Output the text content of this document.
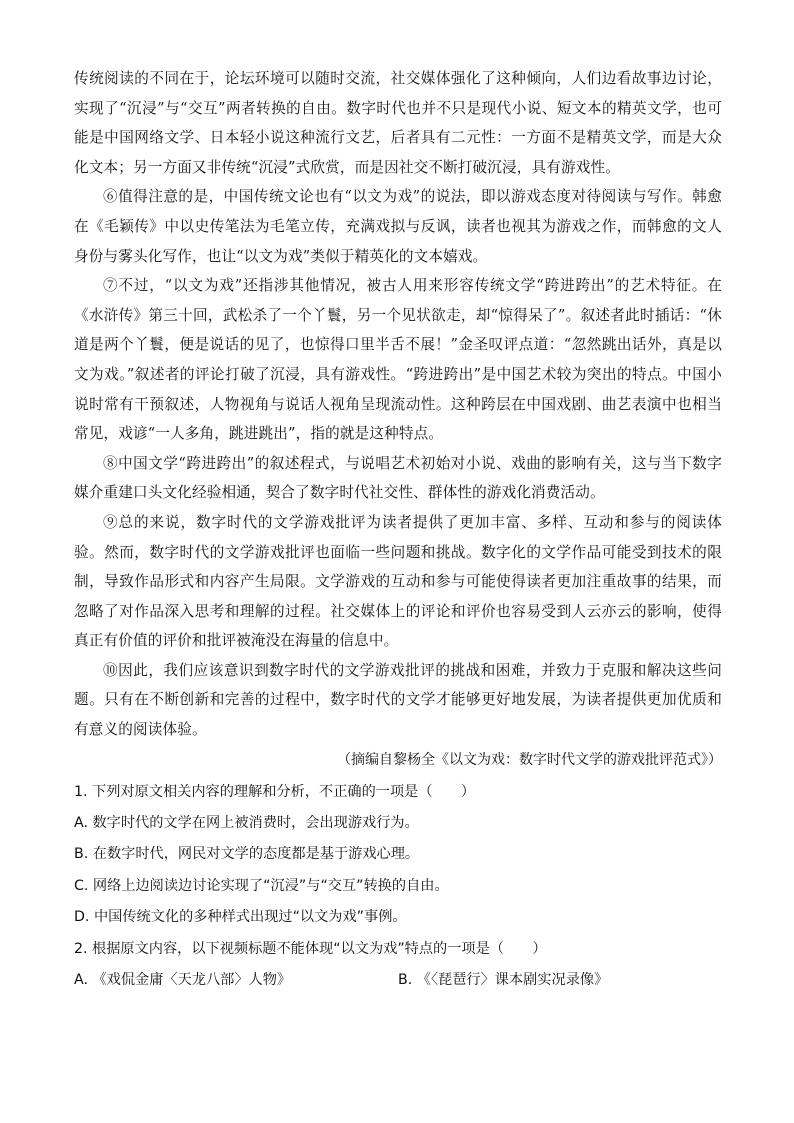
传统阅读的不同在于，论坛环境可以随时交流，社交媒体强化了这种倾向，人们边看故事边讨论，实现了“沉浸”与“交互”两者转换的自由。数字时代也并不只是现代小说、短文本的精英文学，也可能是中国网络文学、日本轻小说这种流行文艺，后者具有二元性：一方面不是精英文学，而是大众化文本；另一方面又非传统“沉浸”式欣赏，而是因社交不断打破沉浸，具有游戏性。

⑥值得注意的是，中国传统文论也有“以文为戏”的说法，即以游戏态度对待阅读与写作。韩愈在《毛颖传》中以史传笔法为毛笔立传，充满戏拟与反讽，读者也视其为游戏之作，而韩愈的文人身份与雾头化写作，也让“以文为戏”类似于精英化的文本嬉戏。

⑦不过，“以文为戏”还指涉其他情况，被古人用来形容传统文学“跨进跨出”的艺术特征。在《水浒传》第三十回，武松杀了一个丫鬟，另一个见状欲走，却“惊得呆了”。叙述者此时插话：“休道是两个丫鬟，便是说话的见了，也惊得口里半舌不展！”金圣叹评点道：“忽然跳出话外，真是以文为戏。”叙述者的评论打破了沉浸，具有游戏性。“跨进跨出”是中国艺术较为突出的特点。中国小说时常有干预叙述，人物视角与说话人视角呈现流动性。这种跨层在中国戏剧、曲艺表演中也相当常见，戏谚“一人多角，跳进跳出”，指的就是这种特点。

⑧中国文学“跨进跨出”的叙述程式，与说唱艺术初始对小说、戏曲的影响有关，这与当下数字媒介重建口头文化经验相通，契合了数字时代社交性、群体性的游戏化消费活动。

⑨总的来说，数字时代的文学游戏批评为读者提供了更加丰富、多样、互动和参与的阅读体验。然而，数字时代的文学游戏批评也面临一些问题和挑战。数字化的文学作品可能受到技术的限制，导致作品形式和内容产生局限。文学游戏的互动和参与可能使得读者更加注重故事的结果，而忽略了对作品深入思考和理解的过程。社交媒体上的评论和评价也容易受到人云亦云的影响，使得真正有价值的评价和批评被淹没在海量的信息中。

⑩因此，我们应该意识到数字时代的文学游戏批评的挑战和困难，并致力于克服和解决这些问题。只有在不断创新和完善的过程中，数字时代的文学才能够更好地发展，为读者提供更加优质和有意义的阅读体验。

（摘编自黎杨全《以文为戏：数字时代文学的游戏批评范式》）

1. 下列对原文相关内容的理解和分析，不正确的一项是（　　）

A. 数字时代的文学在网上被消费时，会出现游戏行为。

B. 在数字时代，网民对文学的态度都是基于游戏心理。

C. 网络上边阅读边讨论实现了“沉浸”与“交互”转换的自由。

D. 中国传统文化的多种样式出现过“以文为戏”事例。

2. 根据原文内容，以下视频标题不能体现“以文为戏”特点的一项是（　　）

A. 《戏侃金庸〈天龙八部〉人物》	B. 《〈琵琶行〉课本剧实况录像》
